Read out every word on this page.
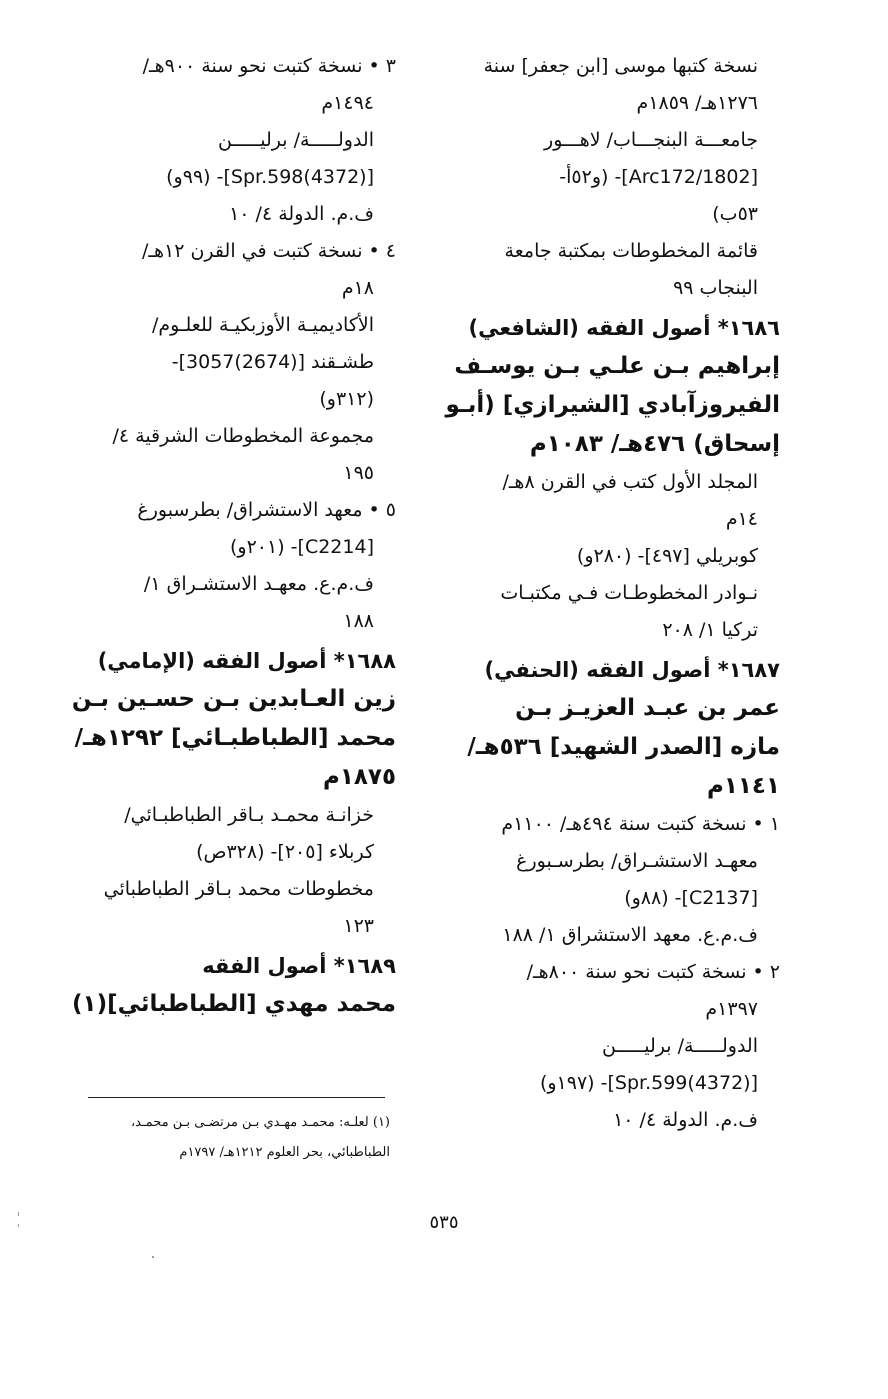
نسخة كتبها موسى [ابن جعفر] سنة
١٢٧٦هـ/ ١٨٥٩م
جامعـــة البنجـــاب/ لاهـــور
[Arc172/1802]- (و٥٢أ-
٥٣ب)
قائمة المخطوطات بمكتبة جامعة
البنجاب ٩٩
١٦٨٦* أصول الفقه (الشافعي)
إبراهيم بـن علـي بـن يوسـف
الفيروزآبادي [الشيرازي] (أبـو
إسحاق) ٤٧٦هـ/ ١٠٨٣م
المجلد الأول كتب في القرن ٨هـ/
١٤م
كوبريلي [٤٩٧]- (٢٨٠و)
نـوادر المخطوطـات فـي مكتبـات
تركيا ١/ ٢٠٨
١٦٨٧* أصول الفقه (الحنفي)
عمر بن عبـد العزيـز بـن
مازه [الصدر الشهيد] ٥٣٦هـ/
١١٤١م
١ • نسخة كتبت سنة ٤٩٤هـ/ ١١٠٠م
معهـد الاستشـراق/ بطرسـبورغ
[C2137]- (٨٨و)
ف.م.ع. معهد الاستشراق ١/ ١٨٨
٢ • نسخة كتبت نحو سنة ٨٠٠هـ/
١٣٩٧م
الدولـــــة/ برليـــــن
[(4372)Spr.599]- (١٩٧و)
ف.م. الدولة ٤/ ١٠
٣ • نسخة كتبت نحو سنة ٩٠٠هـ/
١٤٩٤م
الدولـــــة/ برليـــــن
[(4372)Spr.598]- (٩٩و)
ف.م. الدولة ٤/ ١٠
٤ • نسخة كتبت في القرن ١٢هـ/
١٨م
الأكاديميـة الأوزبكيـة للعلـوم/
طشـقند [(2674)3057]-
(٣١٢و)
مجموعة المخطوطات الشرقية ٤/
١٩٥
٥ • معهد الاستشراق/ بطرسبورغ
[C2214]- (٢٠١و)
ف.م.ع. معهـد الاستشـراق ١/
١٨٨
١٦٨٨* أصول الفقه (الإمامي)
زين العـابدين بـن حسـين بـن
محمد [الطباطبـائي] ١٢٩٢هـ/
١٨٧٥م
خزانـة محمـد بـاقر الطباطبـائي/
كربلاء [٢٠٥]- (٣٢٨ص)
مخطوطات محمد بـاقر الطباطبائي
١٢٣
١٦٨٩* أصول الفقه
محمد مهدي [الطباطبائي](١)
(١) لعلـه: محمـد مهـدي بـن مرتضـى بـن محمـد،
الطباطبائي، بحر العلوم ١٢١٢هـ/ ١٧٩٧م
٥٣٥
